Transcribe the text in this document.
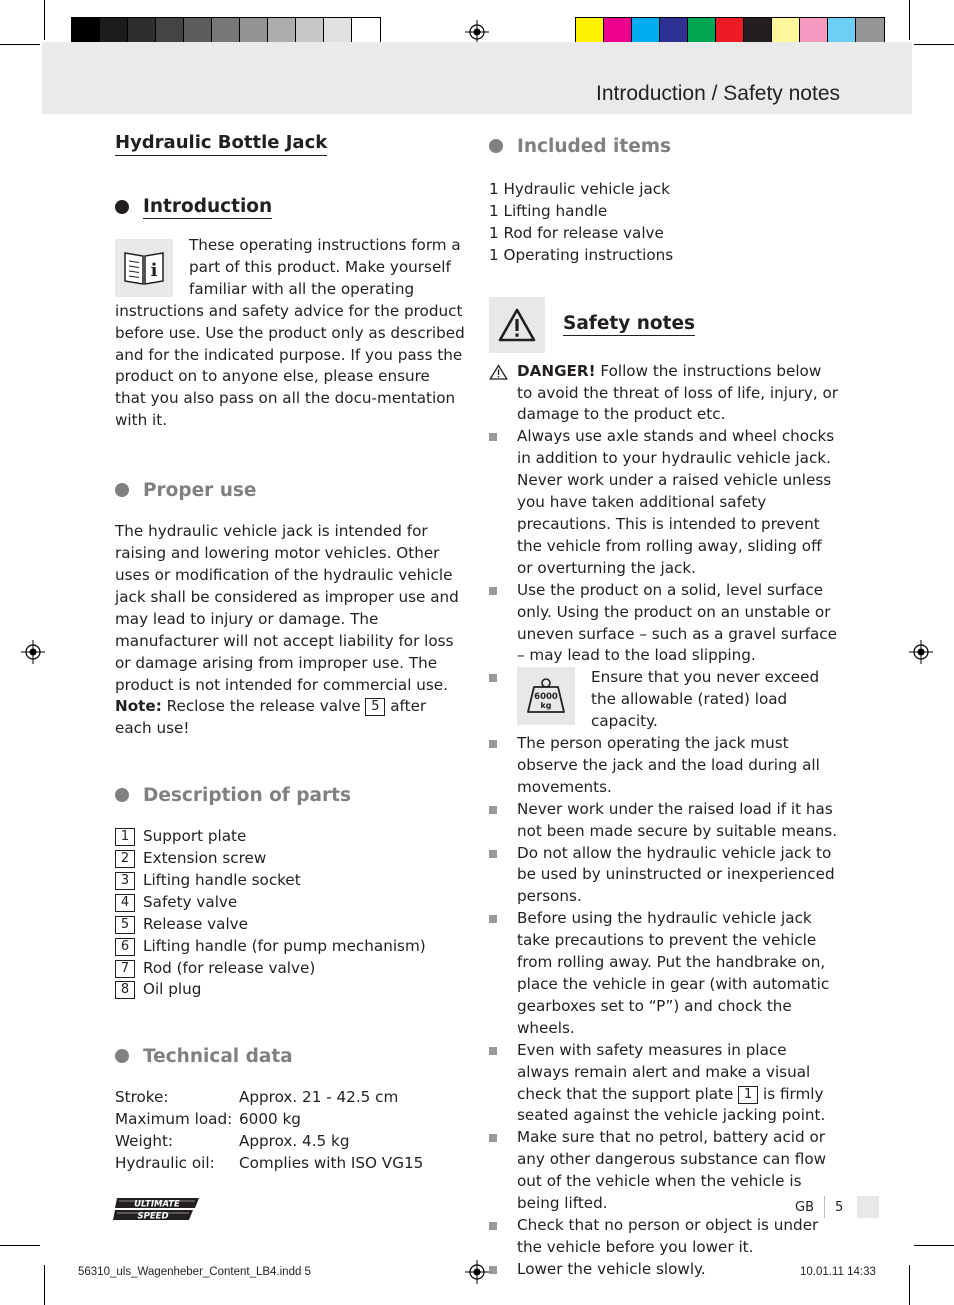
Introduction / Safety notes
Hydraulic Bottle Jack
Introduction
i
These operating instructions form a part of this product. Make yourself familiar with all the operating instructions and safety advice for the product before use. Use the product only as described and for the indicated purpose. If you pass the product on to anyone else, please ensure that you also pass on all the docu-mentation with it.
Proper use
The hydraulic vehicle jack is intended for raising and lowering motor vehicles. Other uses or modification of the hydraulic vehicle jack shall be considered as improper use and may lead to injury or damage. The manufacturer will not accept liability for loss or damage arising from improper use. The product is not intended for commercial use.
Note: Reclose the release valve 5 after each use!
Description of parts
1 Support plate
2 Extension screw
3 Lifting handle socket
4 Safety valve
5 Release valve
6 Lifting handle (for pump mechanism)
7 Rod (for release valve)
8 Oil plug
Technical data
Stroke:	Approx. 21 - 42.5 cm
Maximum load: 6000 kg
Weight:	Approx. 4.5 kg
Hydraulic oil:	Complies with ISO VG15
Included items
1 Hydraulic vehicle jack
1 Lifting handle
1 Rod for release valve
1 Operating instructions
Safety notes
DANGER! Follow the instructions below to avoid the threat of loss of life, injury, or damage to the product etc.
Always use axle stands and wheel chocks in addition to your hydraulic vehicle jack. Never work under a raised vehicle unless you have taken additional safety precautions. This is intended to prevent the vehicle from rolling away, sliding off or overturning the jack.
Use the product on a solid, level surface only. Using the product on an unstable or uneven surface – such as a gravel surface – may lead to the load slipping.
6000
kg
Ensure that you never exceed the allowable (rated) load capacity.
The person operating the jack must observe the jack and the load during all movements.
Never work under the raised load if it has not been made secure by suitable means.
Do not allow the hydraulic vehicle jack to be used by uninstructed or inexperienced persons.
Before using the hydraulic vehicle jack take precautions to prevent the vehicle from rolling away. Put the handbrake on, place the vehicle in gear (with automatic gearboxes set to “P”) and chock the wheels.
Even with safety measures in place always remain alert and make a visual check that the support plate 1 is firmly seated against the vehicle jacking point.
Make sure that no petrol, battery acid or any other dangerous substance can flow out of the vehicle when the vehicle is being lifted.
Check that no person or object is under the vehicle before you lower it.
Lower the vehicle slowly.
ULTIMATE
SPEED
GB 5
56310_uls_Wagenheber_Content_LB4.indd 5	10.01.11 14:33
